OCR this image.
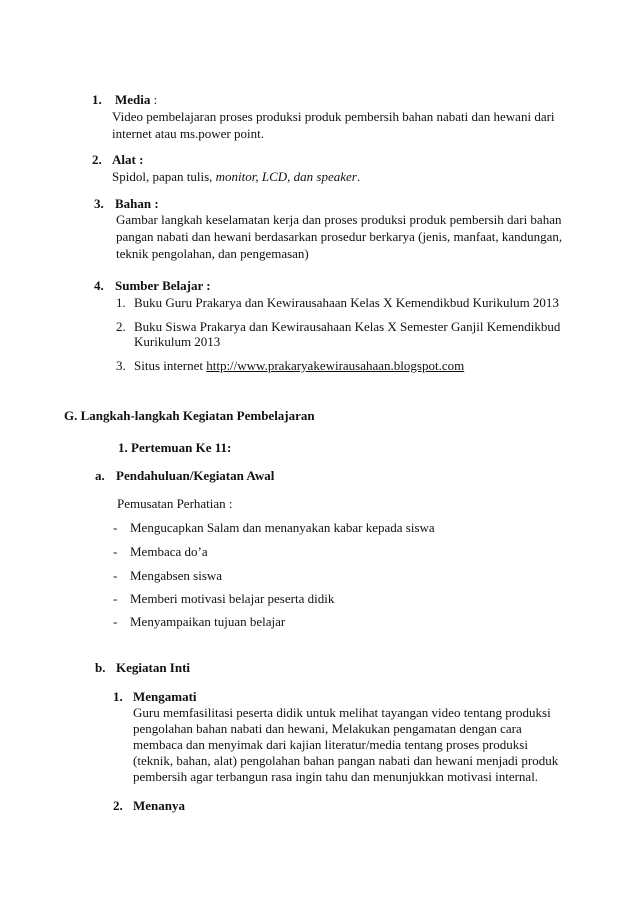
1. Media :
Video pembelajaran proses produksi produk pembersih bahan nabati dan hewani dari
internet atau ms.power point.
2. Alat :
Spidol, papan tulis, monitor, LCD, dan speaker.
3. Bahan :
Gambar langkah keselamatan kerja dan proses produksi produk pembersih dari bahan
pangan nabati dan hewani berdasarkan prosedur berkarya (jenis, manfaat, kandungan,
teknik pengolahan, dan pengemasan)
4. Sumber Belajar :
1. Buku Guru Prakarya dan Kewirausahaan Kelas X Kemendikbud Kurikulum 2013
2. Buku Siswa Prakarya dan Kewirausahaan Kelas X Semester Ganjil Kemendikbud
Kurikulum 2013
3. Situs internet http://www.prakaryakewirausahaan.blogspot.com
G. Langkah-langkah Kegiatan Pembelajaran
1. Pertemuan Ke 11:
a. Pendahuluan/Kegiatan Awal
Pemusatan Perhatian :
- Mengucapkan Salam dan menanyakan kabar kepada siswa
- Membaca do’a
- Mengabsen siswa
- Memberi motivasi belajar peserta didik
- Menyampaikan tujuan belajar
b. Kegiatan Inti
1. Mengamati
Guru memfasilitasi peserta didik untuk melihat tayangan video tentang produksi
pengolahan bahan nabati dan hewani, Melakukan pengamatan dengan cara
membaca dan menyimak dari kajian literatur/media tentang proses produksi
(teknik, bahan, alat) pengolahan bahan pangan nabati dan hewani menjadi produk
pembersih agar terbangun rasa ingin tahu dan menunjukkan motivasi internal.
2. Menanya
